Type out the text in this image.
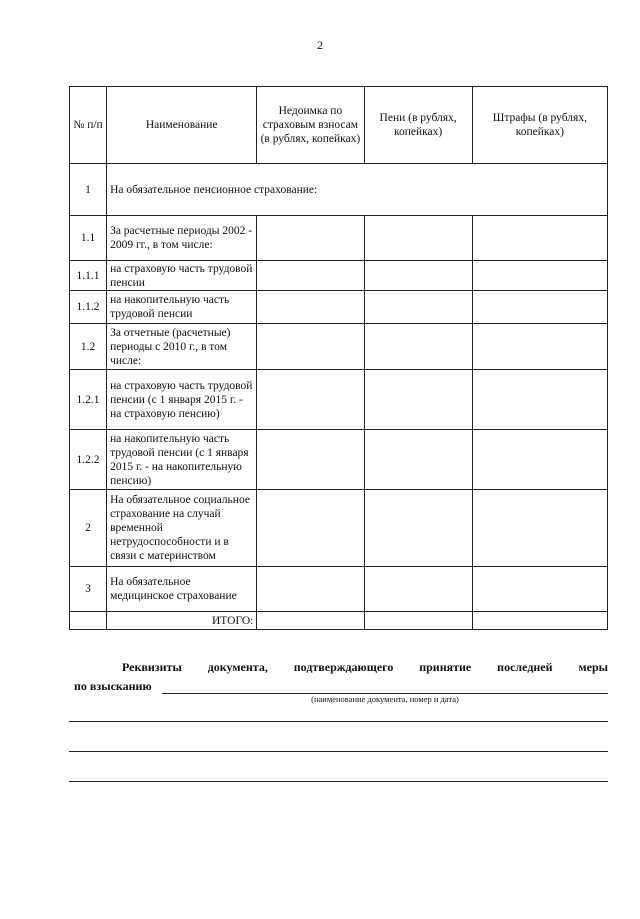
2
№ п/п	Наименование	Недоимка по страховым взносам (в рублях, копейках)	Пени (в рублях, копейках)	Штрафы (в рублях, копейках)
1	На обязательное пенсионное страхование:			
1.1	За расчетные периоды 2002 - 2009 гг., в том числе:			
1.1.1	на страховую часть трудовой пенсии			
1.1.2	на накопительную часть трудовой пенсии			
1.2	За отчетные (расчетные) периоды с 2010 г., в том числе:			
1.2.1	на страховую часть трудовой пенсии (с 1 января 2015 г. - на страховую пенсию)			
1.2.2	на накопительную часть трудовой пенсии (с 1 января 2015 г. - на накопительную пенсию)			
2	На обязательное социальное страхование на случай временной нетрудоспособности и в связи с материнством			
3	На обязательное медицинское страхование			
	ИТОГО:			
Реквизиты документа, подтверждающего принятие последней меры
по взысканию
(наименование документа, номер и дата)
